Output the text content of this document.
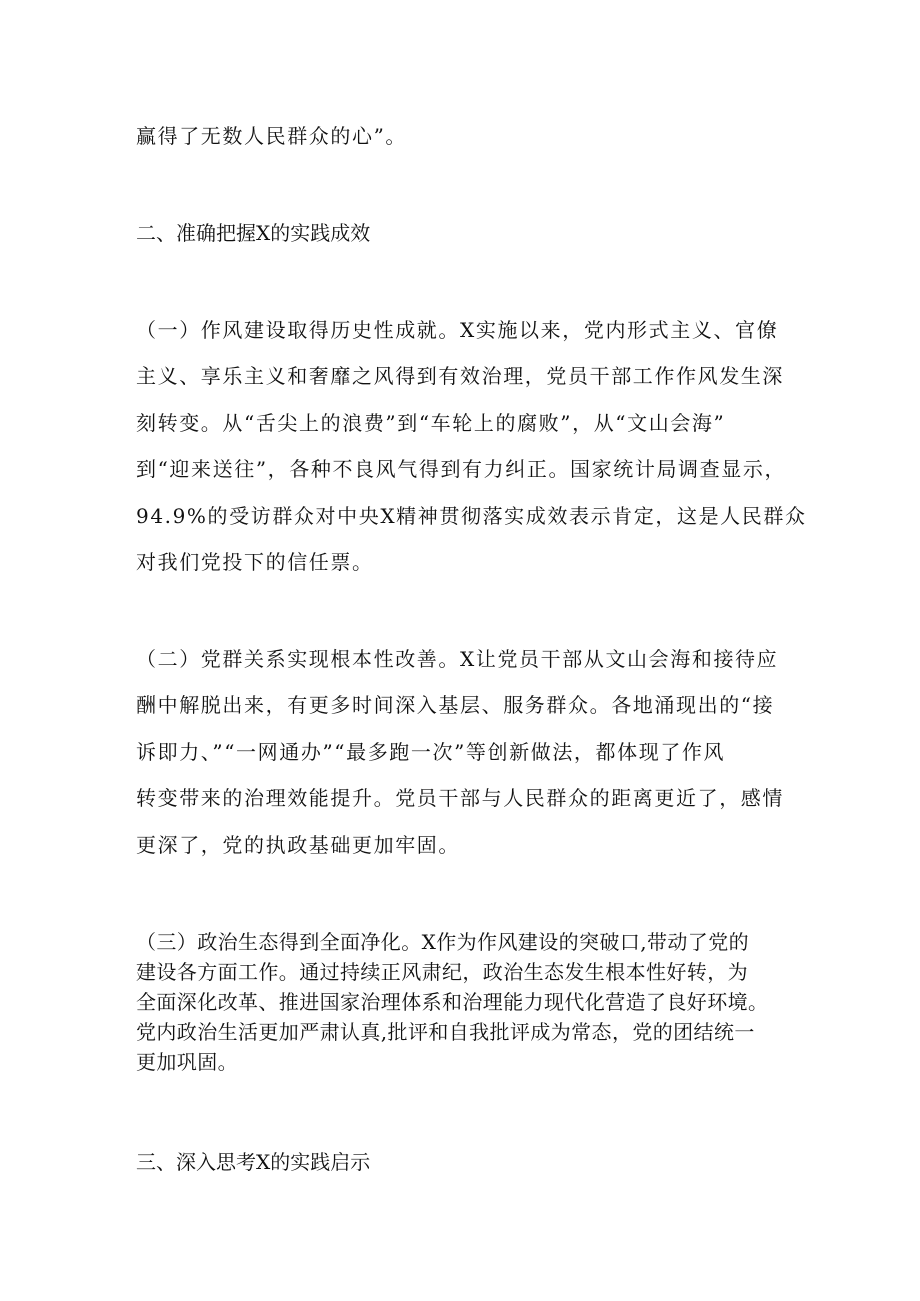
赢得了无数人民群众的心”。
二、准确把握X的实践成效
（一）作风建设取得历史性成就。X实施以来，党内形式主义、官僚
主义、享乐主义和奢靡之风得到有效治理，党员干部工作作风发生深
刻转变。从“舌尖上的浪费”到“车轮上的腐败”，从“文山会海”
到“迎来送往”，各种不良风气得到有力纠正。国家统计局调查显示，
94.9%的受访群众对中央X精神贯彻落实成效表示肯定，这是人民群众
对我们党投下的信任票。
（二）党群关系实现根本性改善。X让党员干部从文山会海和接待应
酬中解脱出来，有更多时间深入基层、服务群众。各地涌现出的“接
诉即力、”“一网通办”“最多跑一次”等创新做法，都体现了作风
转变带来的治理效能提升。党员干部与人民群众的距离更近了，感情
更深了，党的执政基础更加牢固。
（三）政治生态得到全面净化。X作为作风建设的突破口,带动了党的
建设各方面工作。通过持续正风肃纪，政治生态发生根本性好转，为
全面深化改革、推进国家治理体系和治理能力现代化营造了良好环境。
党内政治生活更加严肃认真,批评和自我批评成为常态，党的团结统一
更加巩固。
三、深入思考X的实践启示
